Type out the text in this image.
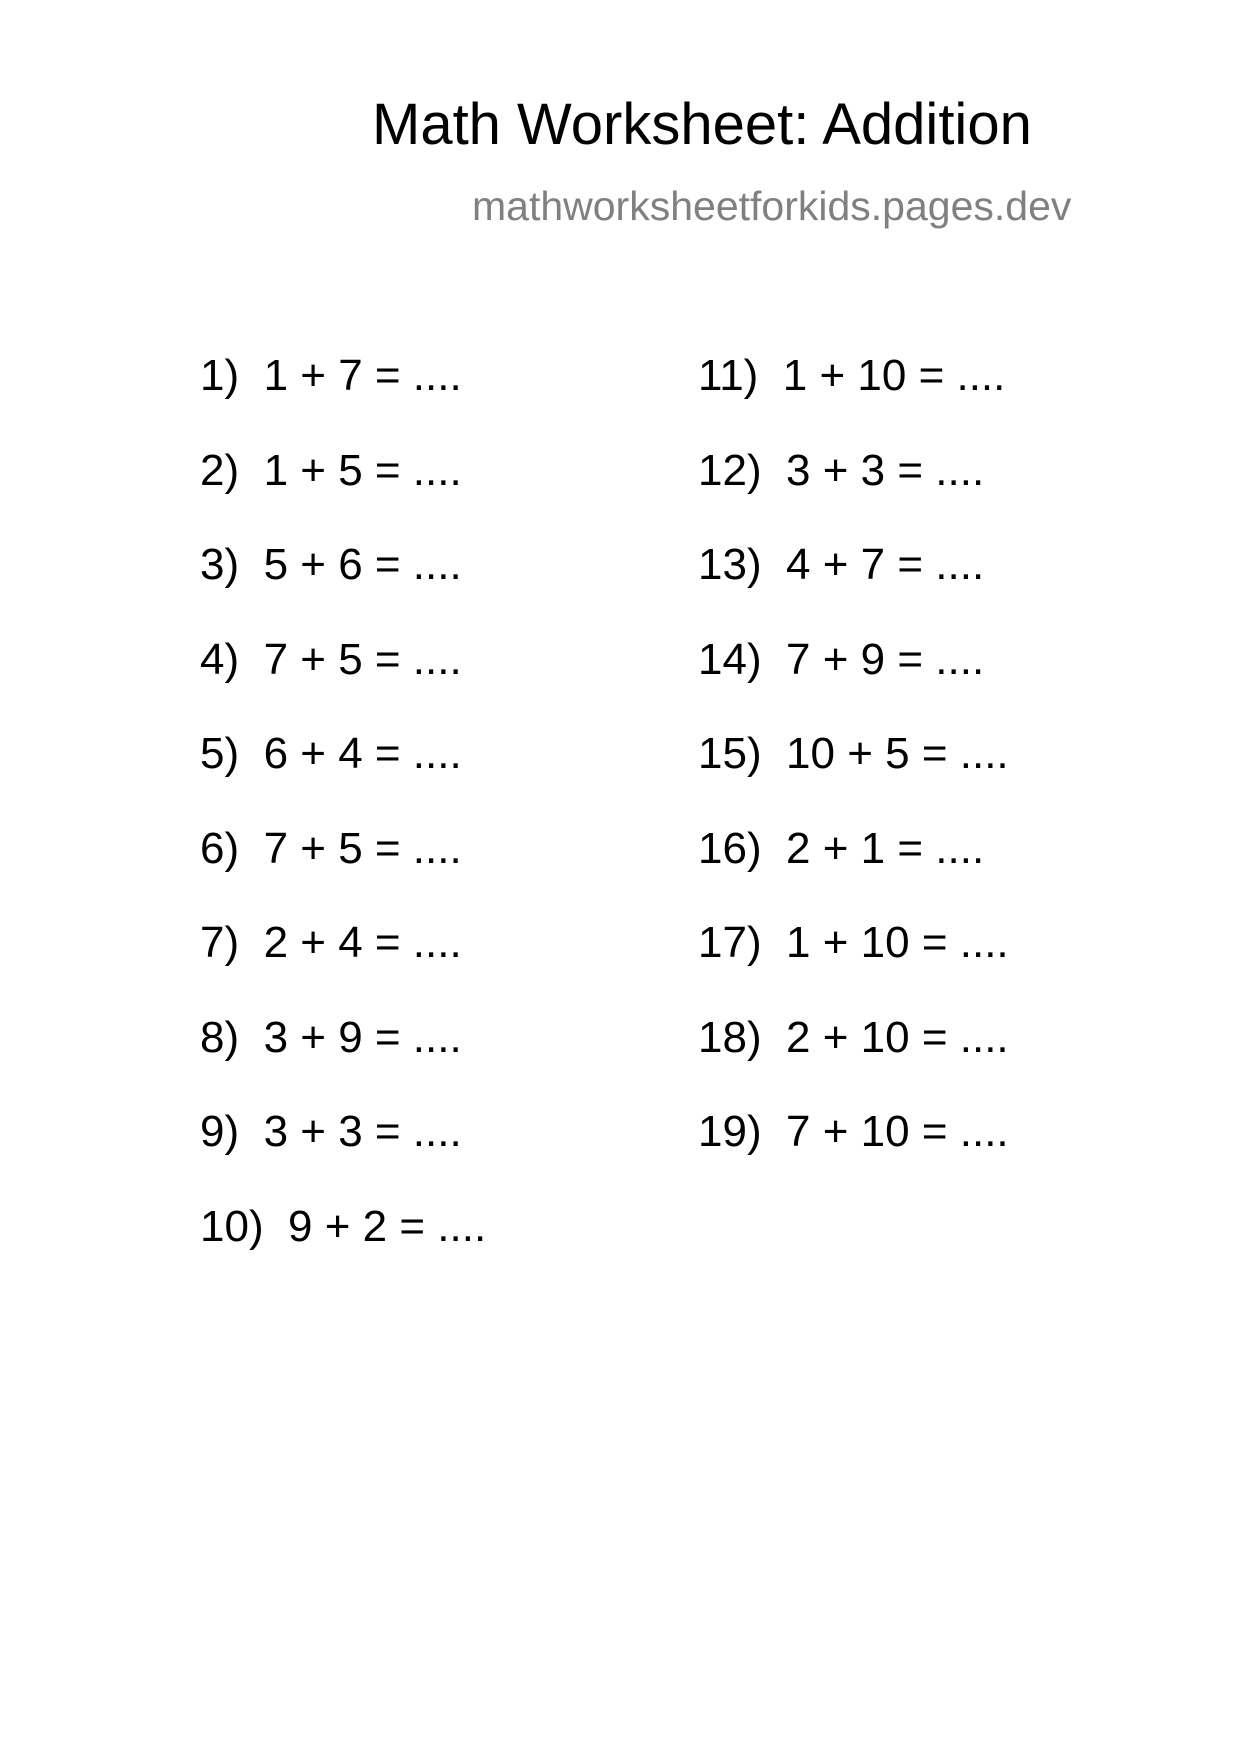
Math Worksheet: Addition
mathworksheetforkids.pages.dev
1) 1 + 7 = ....
2) 1 + 5 = ....
3) 5 + 6 = ....
4) 7 + 5 = ....
5) 6 + 4 = ....
6) 7 + 5 = ....
7) 2 + 4 = ....
8) 3 + 9 = ....
9) 3 + 3 = ....
10) 9 + 2 = ....
11) 1 + 10 = ....
12) 3 + 3 = ....
13) 4 + 7 = ....
14) 7 + 9 = ....
15) 10 + 5 = ....
16) 2 + 1 = ....
17) 1 + 10 = ....
18) 2 + 10 = ....
19) 7 + 10 = ....
